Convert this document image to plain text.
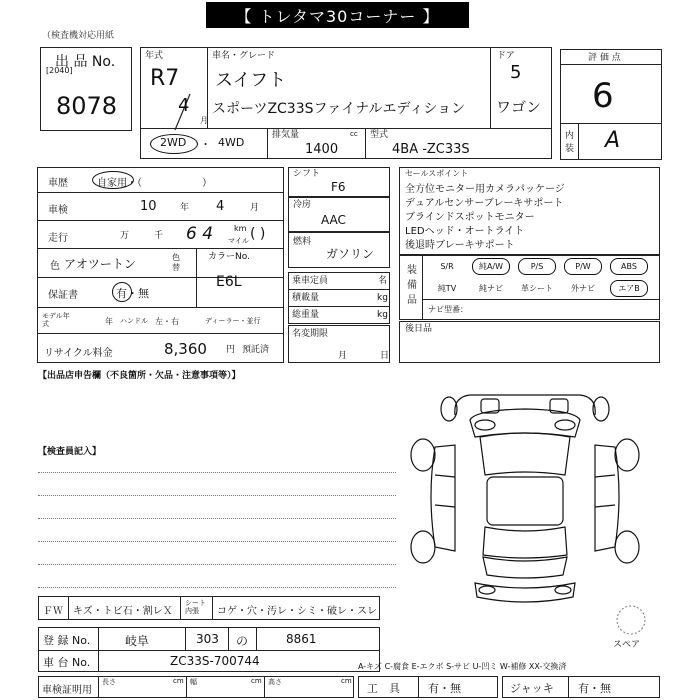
【 トレタマ30コーナー 】
（検査機対応用紙
出 品 No.
[2040]
8078
年式
R7
4
月
車名・グレード
スイフト
スポーツZC33Sファイナルエディション
ドア
5
ワゴン
2WD ・ 4WD
排気量	cc
1400
型式
4BA -ZC33S
評 価 点
6
内装 A
車歴	自家用・（　　　　　　）
車検	10	年 4	月
走行	万	千 6 4	km
マイル ( )
色 アオツートン	色替
カラーNo.
E6L
保証書	有・無
モデル年式	年 ハンドル 左・右	ディーラー・並行
リサイクル料金	8,360 円 預託済
シフト
F6
冷房
AAC
燃料
ガソリン
乗車定員	名
積載量	kg
総重量	kg
名変期限
月	日
セールスポイント
全方位モニター用カメラパッケージ
デュアルセンサーブレーキサポート
ブラインドスポットモニター
LEDヘッド・オートライト
後退時ブレーキサポート
装備品
S/R	純A/W	P/S	P/W	ABS
純TV	純ナビ	革シート	外ナビ	エアB
ナビ型番：
後日品
【出品店申告欄（不良箇所・欠品・注意事項等）】
【検査員記入】
スペア
ＦＷ キズ・トビ石・割レＸ
シート内張	コゲ・穴・汚レ・シミ・破レ・スレ
登 録 No.	岐阜	303 の	8861
車 台 No.	ZC33S-700744
車検証明用
長さ	cm 幅	cm 高さ	cm
A-キズ C-腐食 E-エクボ S-サビ U-凹ミ W-補修 XX-交換済
工　具	有・無	ジャッキ 有・無
